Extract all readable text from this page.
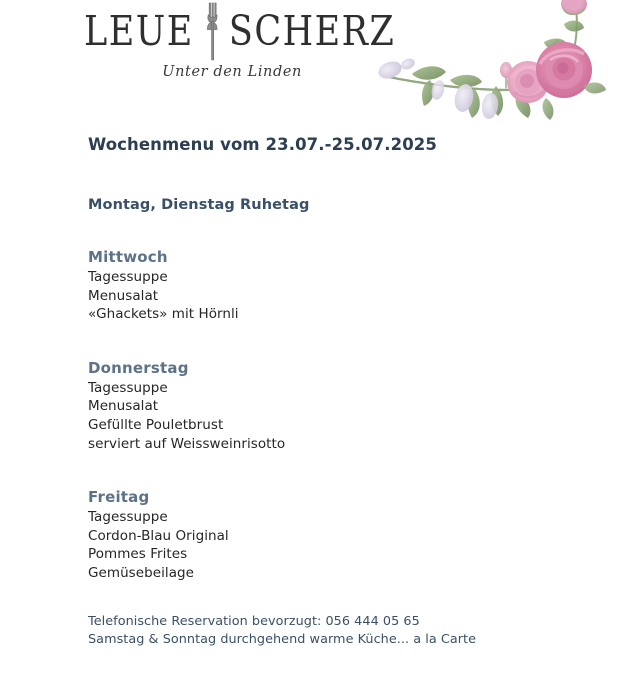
LEUE SCHERZ
Unter den Linden
Wochenmenu vom 23.07.-25.07.2025
Montag, Dienstag Ruhetag
Mittwoch
Tagessuppe
Menusalat
«Ghackets» mit Hörnli
Donnerstag
Tagessuppe
Menusalat
Gefüllte Pouletbrust
serviert auf Weissweinrisotto
Freitag
Tagessuppe
Cordon-Blau Original
Pommes Frites
Gemüsebeilage
Telefonische Reservation bevorzugt: 056 444 05 65
Samstag & Sonntag durchgehend warme Küche... a la Carte
